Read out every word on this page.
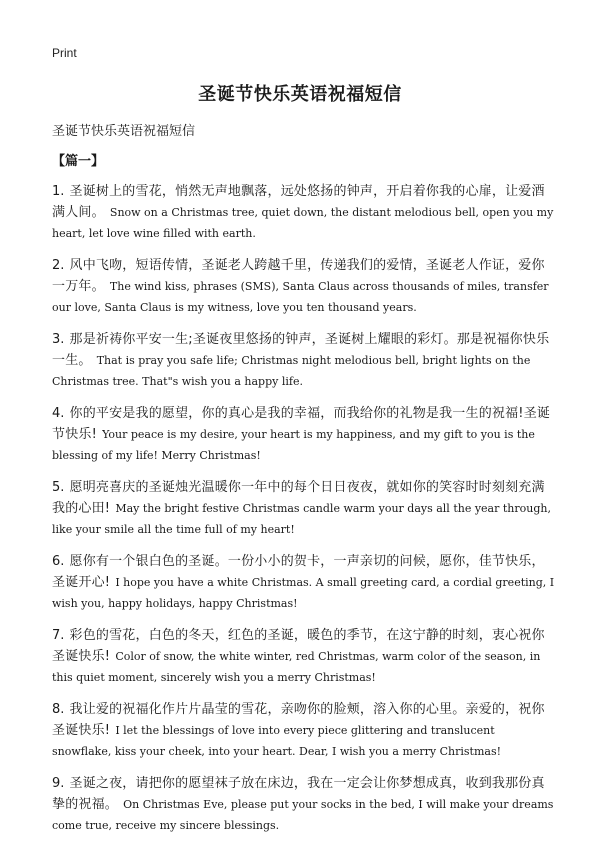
Print
圣诞节快乐英语祝福短信
圣诞节快乐英语祝福短信
【篇一】
1. 圣诞树上的雪花，悄然无声地飘落，远处悠扬的钟声，开启着你我的心扉，让爱酒满人间。 Snow on a Christmas tree, quiet down, the distant melodious bell, open you my heart, let love wine filled with earth.
2. 风中飞吻，短语传情，圣诞老人跨越千里，传递我们的爱情，圣诞老人作证，爱你一万年。 The wind kiss, phrases (SMS), Santa Claus across thousands of miles, transfer our love, Santa Claus is my witness, love you ten thousand years.
3. 那是祈祷你平安一生;圣诞夜里悠扬的钟声，圣诞树上耀眼的彩灯。那是祝福你快乐一生。 That is pray you safe life; Christmas night melodious bell, bright lights on the Christmas tree. That"s wish you a happy life.
4. 你的平安是我的愿望，你的真心是我的幸福，而我给你的礼物是我一生的祝福!圣诞节快乐! Your peace is my desire, your heart is my happiness, and my gift to you is the blessing of my life! Merry Christmas!
5. 愿明亮喜庆的圣诞烛光温暖你一年中的每个日日夜夜，就如你的笑容时时刻刻充满我的心田! May the bright festive Christmas candle warm your days all the year through, like your smile all the time full of my heart!
6. 愿你有一个银白色的圣诞。一份小小的贺卡，一声亲切的问候，愿你，佳节快乐，圣诞开心! I hope you have a white Christmas. A small greeting card, a cordial greeting, I wish you, happy holidays, happy Christmas!
7. 彩色的雪花，白色的冬天，红色的圣诞，暖色的季节，在这宁静的时刻，衷心祝你圣诞快乐! Color of snow, the white winter, red Christmas, warm color of the season, in this quiet moment, sincerely wish you a merry Christmas!
8. 我让爱的祝福化作片片晶莹的雪花，亲吻你的脸颊，溶入你的心里。亲爱的，祝你圣诞快乐! I let the blessings of love into every piece glittering and translucent snowflake, kiss your cheek, into your heart. Dear, I wish you a merry Christmas!
9. 圣诞之夜，请把你的愿望袜子放在床边，我在一定会让你梦想成真，收到我那份真挚的祝福。 On Christmas Eve, please put your socks in the bed, I will make your dreams come true, receive my sincere blessings.
